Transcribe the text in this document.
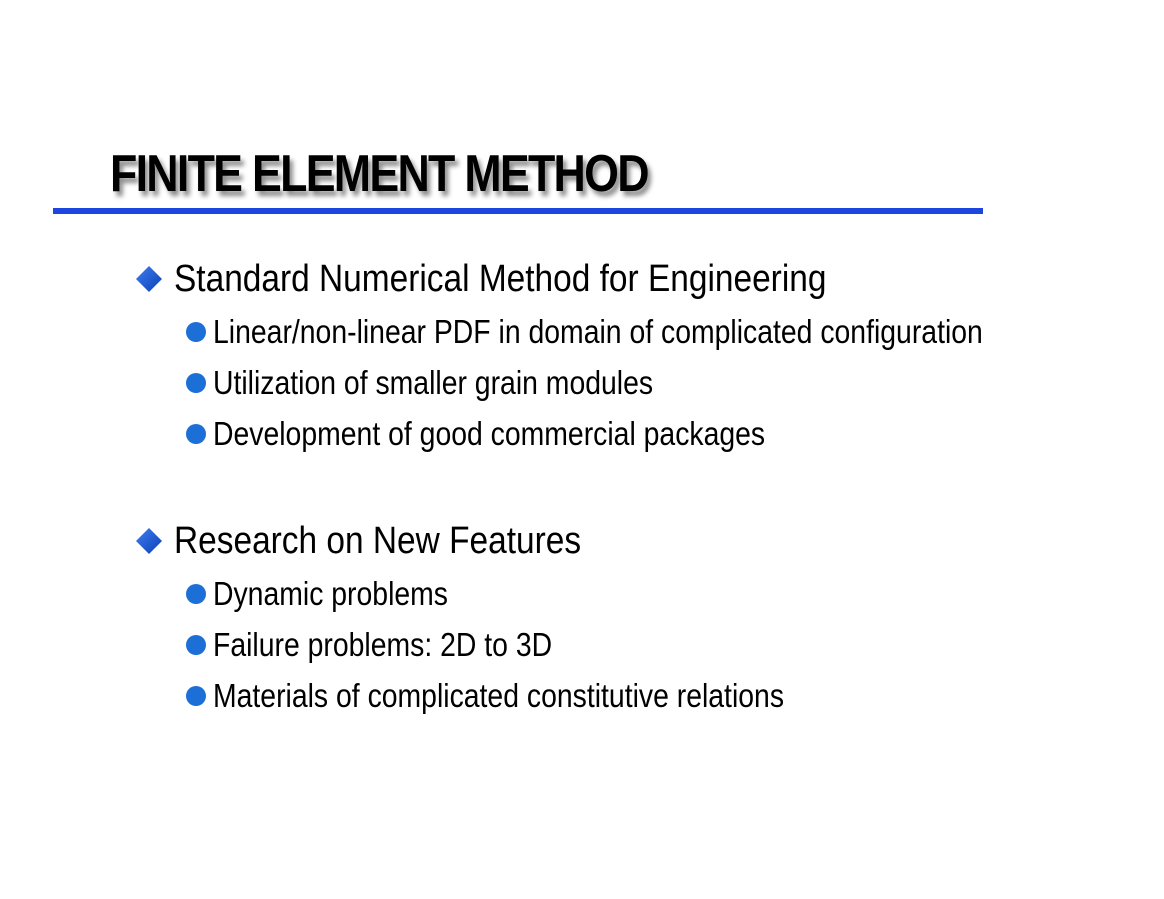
FINITE ELEMENT METHOD
Standard Numerical Method for Engineering
Linear/non-linear PDF in domain of complicated configuration
Utilization of smaller grain modules
Development of good commercial packages
Research on New Features
Dynamic problems
Failure problems: 2D to 3D
Materials of complicated constitutive relations
